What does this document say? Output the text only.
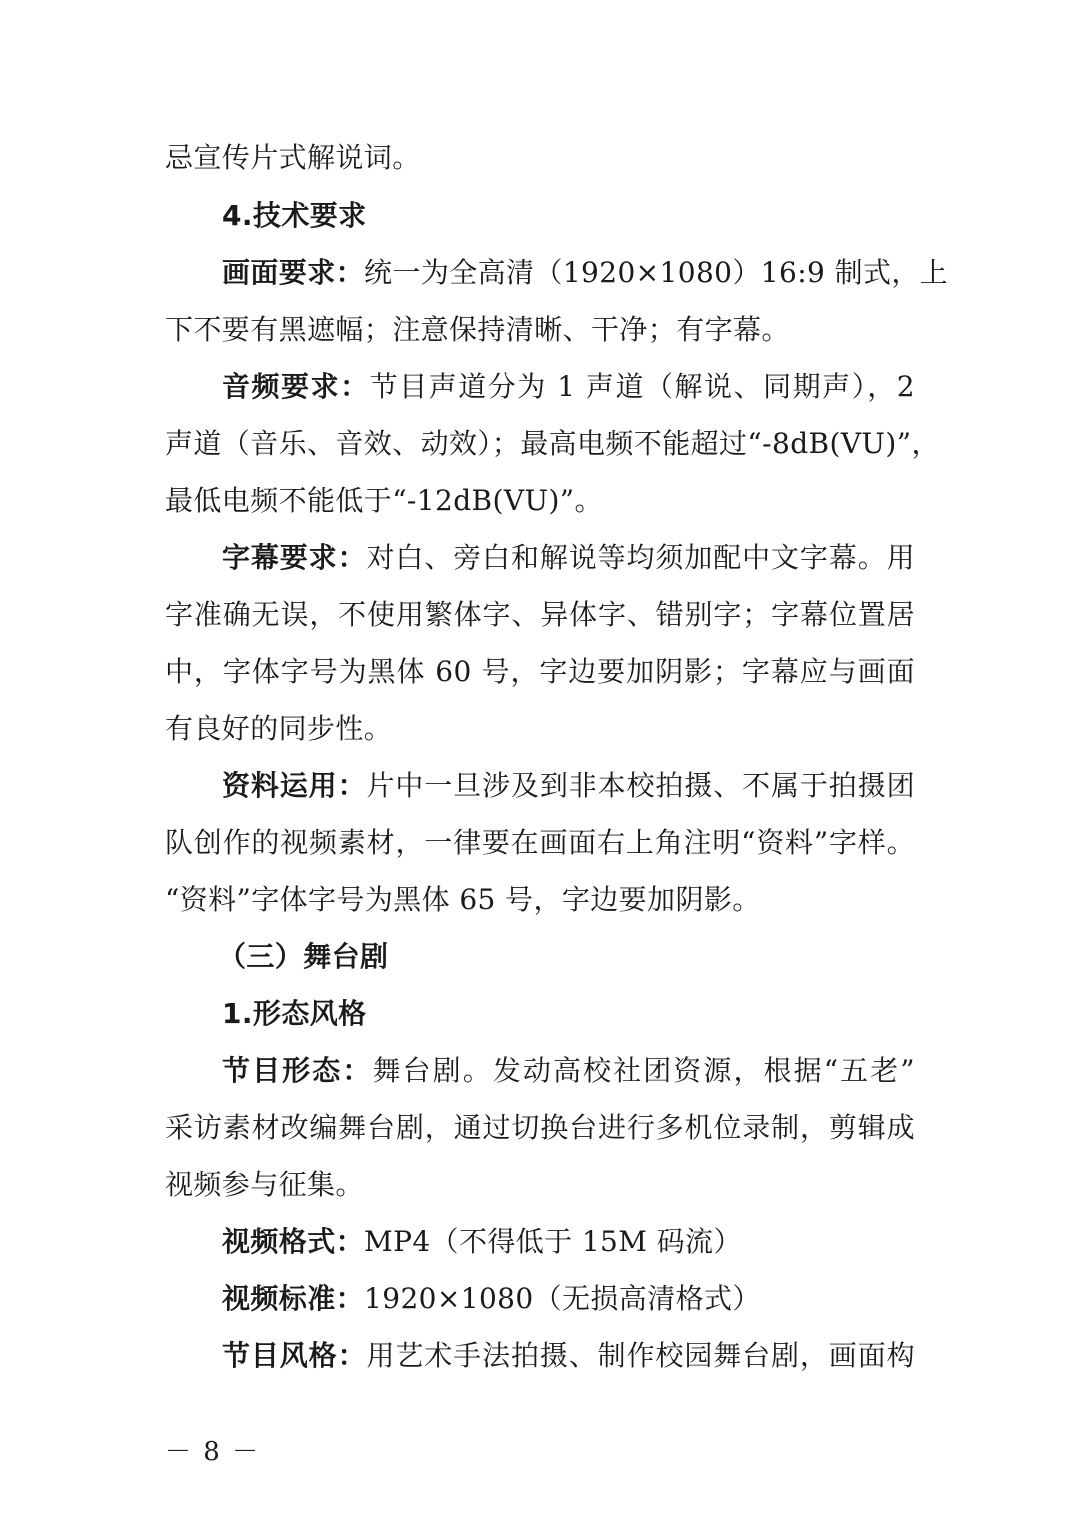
忌宣传片式解说词。

4.技术要求

画面要求：统一为全高清（1920×1080）16:9 制式，上

下不要有黑遮幅；注意保持清晰、干净；有字幕。

音频要求：节目声道分为 1 声道（解说、同期声），2

声道（音乐、音效、动效）；最高电频不能超过“-8dB(VU)”，

最低电频不能低于“-12dB(VU)”。

字幕要求：对白、旁白和解说等均须加配中文字幕。用

字准确无误，不使用繁体字、异体字、错别字；字幕位置居

中，字体字号为黑体 60 号，字边要加阴影；字幕应与画面

有良好的同步性。

资料运用：片中一旦涉及到非本校拍摄、不属于拍摄团

队创作的视频素材，一律要在画面右上角注明“资料”字样。

“资料”字体字号为黑体 65 号，字边要加阴影。

（三）舞台剧

1.形态风格

节目形态：舞台剧。发动高校社团资源，根据“五老”

采访素材改编舞台剧，通过切换台进行多机位录制，剪辑成

视频参与征集。

视频格式：MP4（不得低于 15M 码流）

视频标准：1920×1080（无损高清格式）

节目风格：用艺术手法拍摄、制作校园舞台剧，画面构

－ 8 －
